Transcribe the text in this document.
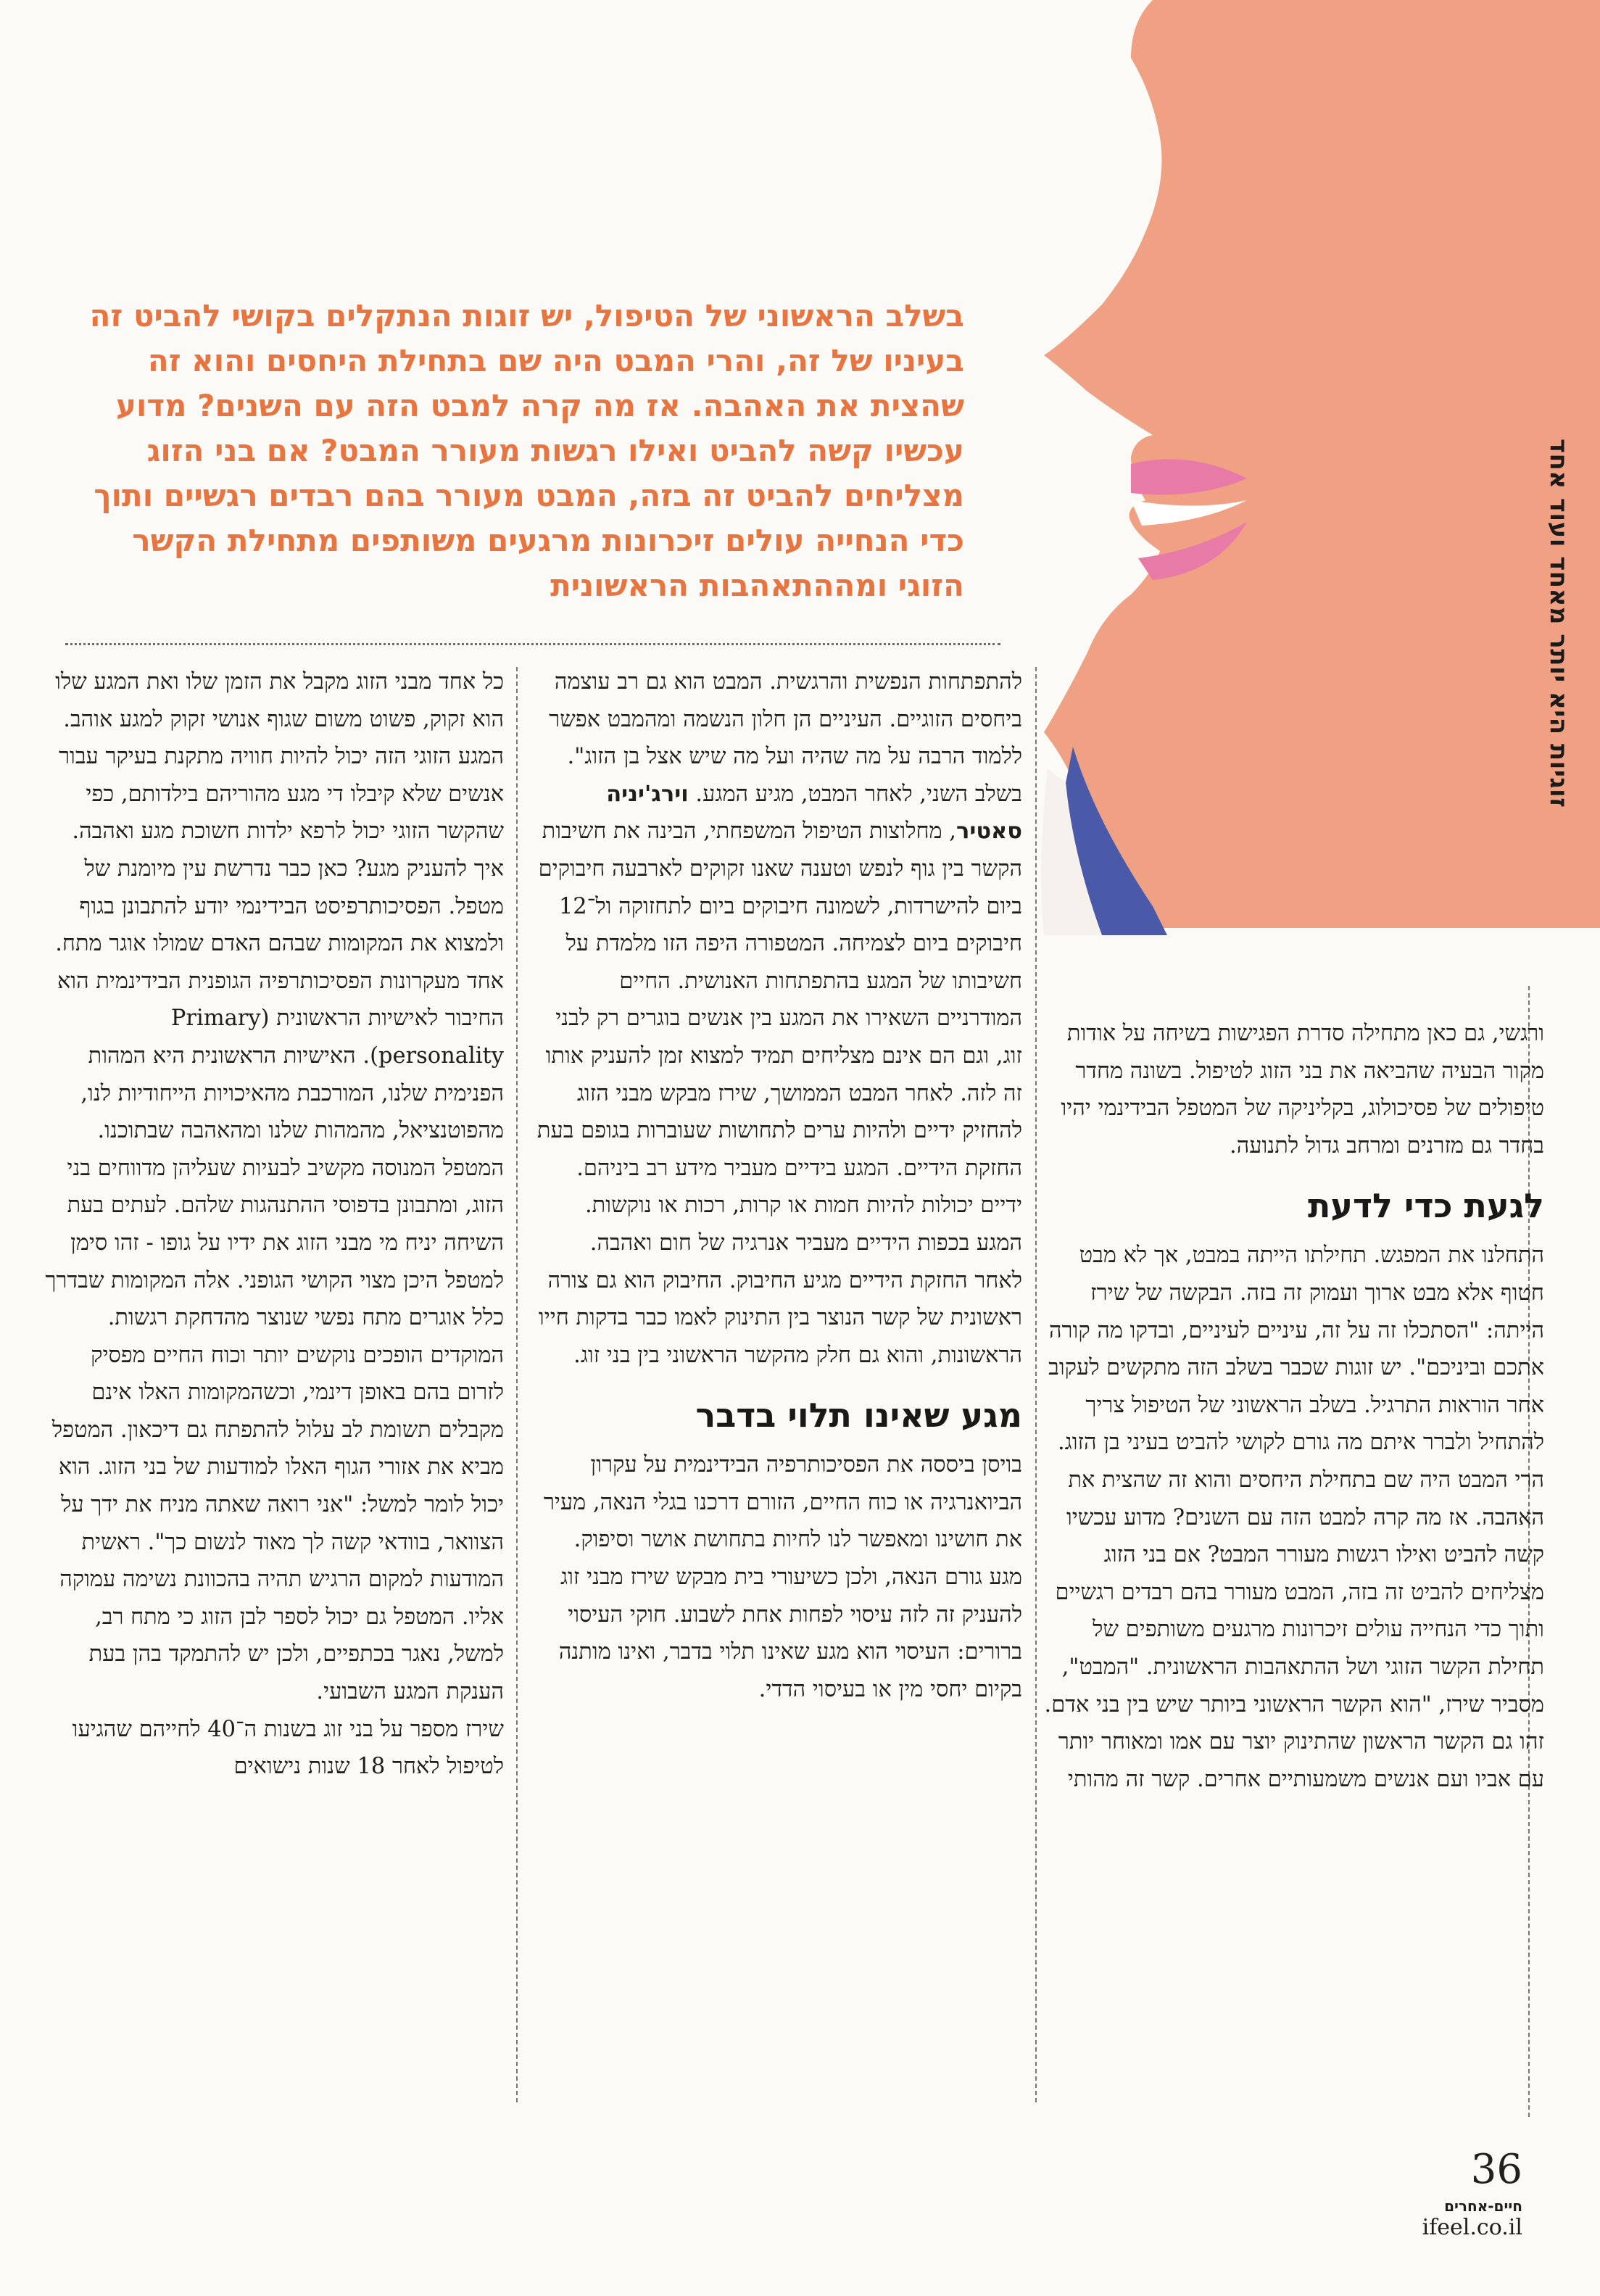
זוגיות היא יותר מאחד ועוד אחד

בשלב הראשוני של הטיפול, יש זוגות הנתקלים בקושי להביט זה בעיניו של זה, והרי המבט היה שם בתחילת היחסים והוא זה שהצית את האהבה. אז מה קרה למבט הזה עם השנים? מדוע עכשיו קשה להביט ואילו רגשות מעורר המבט? אם בני הזוג מצליחים להביט זה בזה, המבט מעורר בהם רבדים רגשיים ותוך כדי הנחייה עולים זיכרונות מרגעים משותפים מתחילת הקשר הזוגי ומההתאהבות הראשונית

ורגשי, גם כאן מתחילה סדרת הפגישות בשיחה על אודות מקור הבעיה שהביאה את בני הזוג לטיפול. בשונה מחדר טיפולים של פסיכולוג, בקליניקה של המטפל הבידינמי יהיו בחדר גם מזרנים ומרחב גדול לתנועה.

לגעת כדי לדעת

התחלנו את המפגש. תחילתו הייתה במבט, אך לא מבט חטוף אלא מבט ארוך ועמוק זה בזה. הבקשה של שירז הייתה: "הסתכלו זה על זה, עיניים לעיניים, ובדקו מה קורה אתכם וביניכם". יש זוגות שכבר בשלב הזה מתקשים לעקוב אחר הוראות התרגיל. בשלב הראשוני של הטיפול צריך להתחיל ולברר איתם מה גורם לקושי להביט בעיני בן הזוג. הרי המבט היה שם בתחילת היחסים והוא זה שהצית את האהבה. אז מה קרה למבט הזה עם השנים? מדוע עכשיו קשה להביט ואילו רגשות מעורר המבט? אם בני הזוג מצליחים להביט זה בזה, המבט מעורר בהם רבדים רגשיים ותוך כדי הנחייה עולים זיכרונות מרגעים משותפים של תחילת הקשר הזוגי ושל ההתאהבות הראשונית. "המבט", מסביר שירז, "הוא הקשר הראשוני ביותר שיש בין בני אדם. זהו גם הקשר הראשון שהתינוק יוצר עם אמו ומאוחר יותר עם אביו ועם אנשים משמעותיים אחרים. קשר זה מהותי

להתפתחות הנפשית והרגשית. המבט הוא גם רב עוצמה ביחסים הזוגיים. העיניים הן חלון הנשמה ומהמבט אפשר ללמוד הרבה על מה שהיה ועל מה שיש אצל בן הזוג". בשלב השני, לאחר המבט, מגיע המגע. וירג'יניה סאטיר, מחלוצות הטיפול המשפחתי, הבינה את חשיבות הקשר בין גוף לנפש וטענה שאנו זקוקים לארבעה חיבוקים ביום להישרדות, לשמונה חיבוקים ביום לתחזוקה ול־12 חיבוקים ביום לצמיחה. המטפורה היפה הזו מלמדת על חשיבותו של המגע בהתפתחות האנושית. החיים המודרניים השאירו את המגע בין אנשים בוגרים רק לבני זוג, וגם הם אינם מצליחים תמיד למצוא זמן להעניק אותו זה לזה. לאחר המבט הממושך, שירז מבקש מבני הזוג להחזיק ידיים ולהיות ערים לתחושות שעוברות בגופם בעת החזקת הידיים. המגע בידיים מעביר מידע רב ביניהם. ידיים יכולות להיות חמות או קרות, רכות או נוקשות. המגע בכפות הידיים מעביר אנרגיה של חום ואהבה. לאחר החזקת הידיים מגיע החיבוק. החיבוק הוא גם צורה ראשונית של קשר הנוצר בין התינוק לאמו כבר בדקות חייו הראשונות, והוא גם חלק מהקשר הראשוני בין בני זוג.

מגע שאינו תלוי בדבר

בויסן ביססה את הפסיכותרפיה הבידינמית על עקרון הביואנרגיה או כוח החיים, הזורם דרכנו בגלי הנאה, מעיר את חושינו ומאפשר לנו לחיות בתחושת אושר וסיפוק. מגע גורם הנאה, ולכן כשיעורי בית מבקש שירז מבני זוג להעניק זה לזה עיסוי לפחות אחת לשבוע. חוקי העיסוי ברורים: העיסוי הוא מגע שאינו תלוי בדבר, ואינו מותנה בקיום יחסי מין או בעיסוי הדדי.

כל אחד מבני הזוג מקבל את הזמן שלו ואת המגע שלו הוא זקוק, פשוט משום שגוף אנושי זקוק למגע אוהב. המגע הזוגי הזה יכול להיות חוויה מתקנת בעיקר עבור אנשים שלא קיבלו די מגע מהוריהם בילדותם, כפי שהקשר הזוגי יכול לרפא ילדות חשוכת מגע ואהבה.

איך להעניק מגע? כאן כבר נדרשת עין מיומנת של מטפל. הפסיכותרפיסט הבידינמי יודע להתבונן בגוף ולמצוא את המקומות שבהם האדם שמולו אוגר מתח. אחד מעקרונות הפסיכותרפיה הגופנית הבידינמית הוא החיבור לאישיות הראשונית (Primary personality). האישיות הראשונית היא המהות הפנימית שלנו, המורכבת מהאיכויות הייחודיות לנו, מהפוטנציאל, מהמהות שלנו ומהאהבה שבתוכנו. המטפל המנוסה מקשיב לבעיות שעליהן מדווחים בני הזוג, ומתבונן בדפוסי ההתנהגות שלהם. לעתים בעת השיחה יניח מי מבני הזוג את ידיו על גופו - זהו סימן למטפל היכן מצוי הקושי הגופני. אלה המקומות שבדרך כלל אוגרים מתח נפשי שנוצר מהדחקת רגשות. המוקדים הופכים נוקשים יותר וכוח החיים מפסיק לזרום בהם באופן דינמי, וכשהמקומות האלו אינם מקבלים תשומת לב עלול להתפתח גם דיכאון. המטפל מביא את אזורי הגוף האלו למודעות של בני הזוג. הוא יכול לומר למשל: "אני רואה שאתה מניח את ידך על הצוואר, בוודאי קשה לך מאוד לנשום כך". ראשית המודעות למקום הרגיש תהיה בהכוונת נשימה עמוקה אליו. המטפל גם יכול לספר לבן הזוג כי מתח רב, למשל, נאגר בכתפיים, ולכן יש להתמקד בהן בעת הענקת המגע השבועי.

שירז מספר על בני זוג בשנות ה־40 לחייהם שהגיעו לטיפול לאחר 18 שנות נישואים

36
חיים-אחרים
ifeel.co.il
